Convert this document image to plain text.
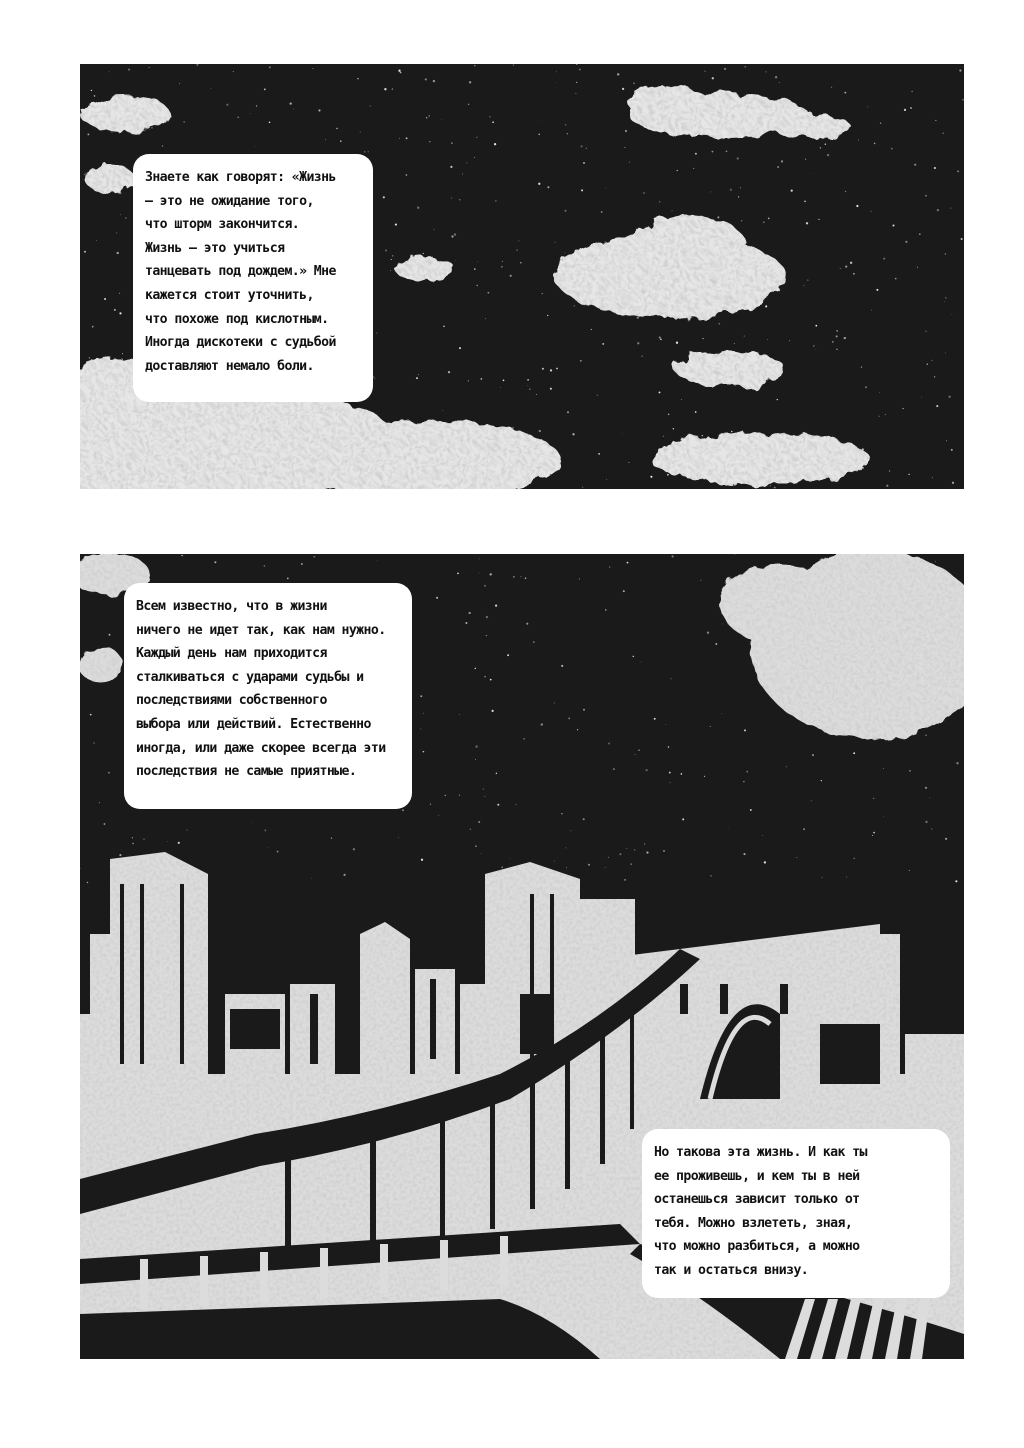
Знаете как говорят: «Жизнь
— это не ожидание того,
что шторм закончится.
Жизнь — это учиться
танцевать под дождем.» Мне
кажется стоит уточнить,
что похоже под кислотным.
Иногда дискотеки с судьбой
доставляют немало боли.
Всем известно, что в жизни
ничего не идет так, как нам нужно.
Каждый день нам приходится
сталкиваться с ударами судьбы и
последствиями собственного
выбора или действий. Естественно
иногда, или даже скорее всегда эти
последствия не самые приятные.
Но такова эта жизнь. И как ты
ее проживешь, и кем ты в ней
останешься зависит только от
тебя. Можно взлететь, зная,
что можно разбиться, а можно
так и остаться внизу.
